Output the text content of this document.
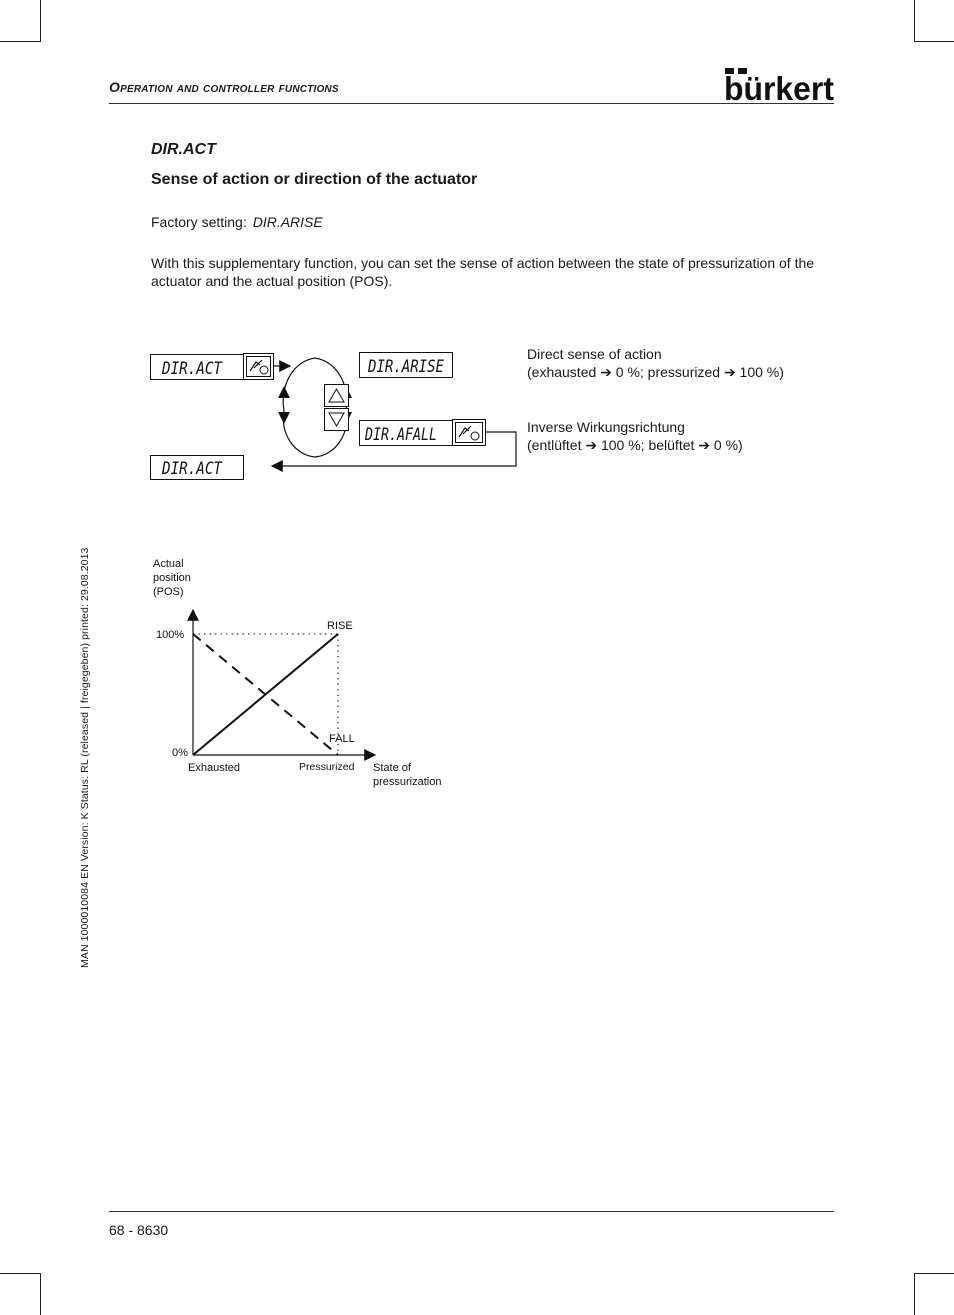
Operation and controller functions	bürkert
DIR.ACT
Sense of action or direction of the actuator
Factory setting: DIR.ARISE
With this supplementary function, you can set the sense of action between the state of pressurization of the actuator and the actual position (POS).
DIR.ACT	DIR.ARISE
DIR.AFALL
DIR.ACT
Direct sense of action
(exhausted ➔ 0 %; pressurized ➔ 100 %)
Inverse Wirkungsrichtung
(entlüftet ➔ 100 %; belüftet ➔ 0 %)
Actual
position
(POS)
100%
0%
Exhausted	Pressurized State of
pressurization
RISE
FALL
MAN 1000010084 EN Version: K Status: RL (released | freigegeben) printed: 29.08.2013
68 - 8630
